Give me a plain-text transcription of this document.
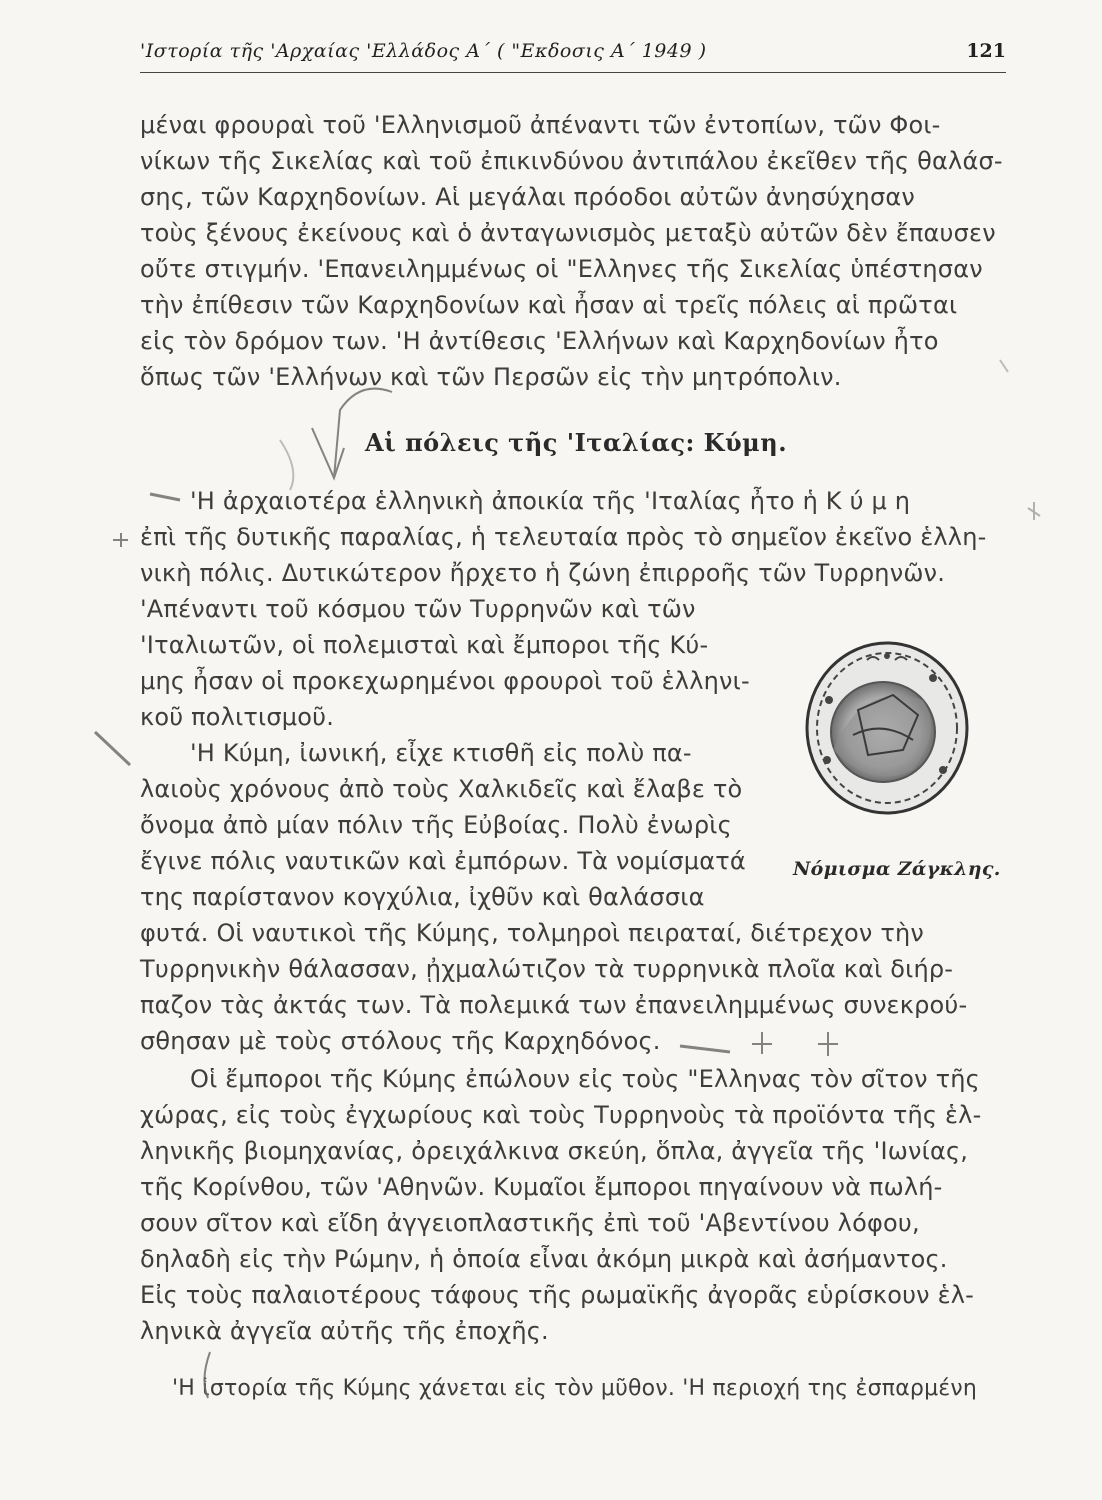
'Ιστορία τῆς 'Αρχαίας 'Ελλάδος Α΄ ( "Εκδοσις Α΄ 1949 )	121
μέναι φρουραὶ τοῦ 'Ελληνισμοῦ ἀπέναντι τῶν ἐντοπίων, τῶν Φοι-
νίκων τῆς Σικελίας καὶ τοῦ ἐπικινδύνου ἀντιπάλου ἐκεῖθεν τῆς θαλάσ-
σης, τῶν Καρχηδονίων. Αἱ μεγάλαι πρόοδοι αὐτῶν ἀνησύχησαν
τοὺς ξένους ἐκείνους καὶ ὁ ἀνταγωνισμὸς μεταξὺ αὐτῶν δὲν ἔπαυσεν
οὔτε στιγμήν. 'Επανειλημμένως οἱ "Ελληνες τῆς Σικελίας ὑπέστησαν
τὴν ἐπίθεσιν τῶν Καρχηδονίων καὶ ἦσαν αἱ τρεῖς πόλεις αἱ πρῶται
εἰς τὸν δρόμον των. 'Η ἀντίθεσις 'Ελλήνων καὶ Καρχηδονίων ἦτο
ὅπως τῶν 'Ελλήνων καὶ τῶν Περσῶν εἰς τὴν μητρόπολιν.
Αἱ πόλεις τῆς 'Ιταλίας: Κύμη.
'Η ἀρχαιοτέρα ἑλληνικὴ ἀποικία τῆς 'Ιταλίας ἦτο ἡ Κ ύ μ η
ἐπὶ τῆς δυτικῆς παραλίας, ἡ τελευταία πρὸς τὸ σημεῖον ἐκεῖνο ἑλλη-
νικὴ πόλις. Δυτικώτερον ἤρχετο ἡ ζώνη ἐπιρροῆς τῶν Τυρρηνῶν.
'Απέναντι τοῦ κόσμου τῶν Τυρρηνῶν καὶ τῶν
'Ιταλιωτῶν, οἱ πολεμισταὶ καὶ ἔμποροι τῆς Κύ-
μης ἦσαν οἱ προκεχωρημένοι φρουροὶ τοῦ ἑλληνι-
κοῦ πολιτισμοῦ.
'Η Κύμη, ἰωνική, εἶχε κτισθῆ εἰς πολὺ πα-
λαιοὺς χρόνους ἀπὸ τοὺς Χαλκιδεῖς καὶ ἔλαβε τὸ
ὄνομα ἀπὸ μίαν πόλιν τῆς Εὐβοίας. Πολὺ ἐνωρὶς
ἔγινε πόλις ναυτικῶν καὶ ἐμπόρων. Τὰ νομίσματά
της παρίστανον κογχύλια, ἰχθῦν καὶ θαλάσσια
φυτά. Οἱ ναυτικοὶ τῆς Κύμης, τολμηροὶ πειραταί, διέτρεχον τὴν
Τυρρηνικὴν θάλασσαν, ᾐχμαλώτιζον τὰ τυρρηνικὰ πλοῖα καὶ διήρ-
παζον τὰς ἀκτάς των. Τὰ πολεμικά των ἐπανειλημμένως συνεκρού-
σθησαν μὲ τοὺς στόλους τῆς Καρχηδόνος.
Οἱ ἔμποροι τῆς Κύμης ἐπώλουν εἰς τοὺς "Ελληνας τὸν σῖτον τῆς
χώρας, εἰς τοὺς ἐγχωρίους καὶ τοὺς Τυρρηνοὺς τὰ προϊόντα τῆς ἑλ-
ληνικῆς βιομηχανίας, ὀρειχάλκινα σκεύη, ὅπλα, ἀγγεῖα τῆς 'Ιωνίας,
τῆς Κορίνθου, τῶν 'Αθηνῶν. Κυμαῖοι ἔμποροι πηγαίνουν νὰ πωλή-
σουν σῖτον καὶ εἴδη ἀγγειοπλαστικῆς ἐπὶ τοῦ 'Αβεντίνου λόφου,
δηλαδὴ εἰς τὴν Ρώμην, ἡ ὁποία εἶναι ἀκόμη μικρὰ καὶ ἀσήμαντος.
Εἰς τοὺς παλαιοτέρους τάφους τῆς ρωμαϊκῆς ἀγορᾶς εὑρίσκουν ἑλ-
ληνικὰ ἀγγεῖα αὐτῆς τῆς ἐποχῆς.
'Η ἱστορία τῆς Κύμης χάνεται εἰς τὸν μῦθον. 'Η περιοχή της ἐσπαρμένη
Νόμισμα Ζάγκλης.
